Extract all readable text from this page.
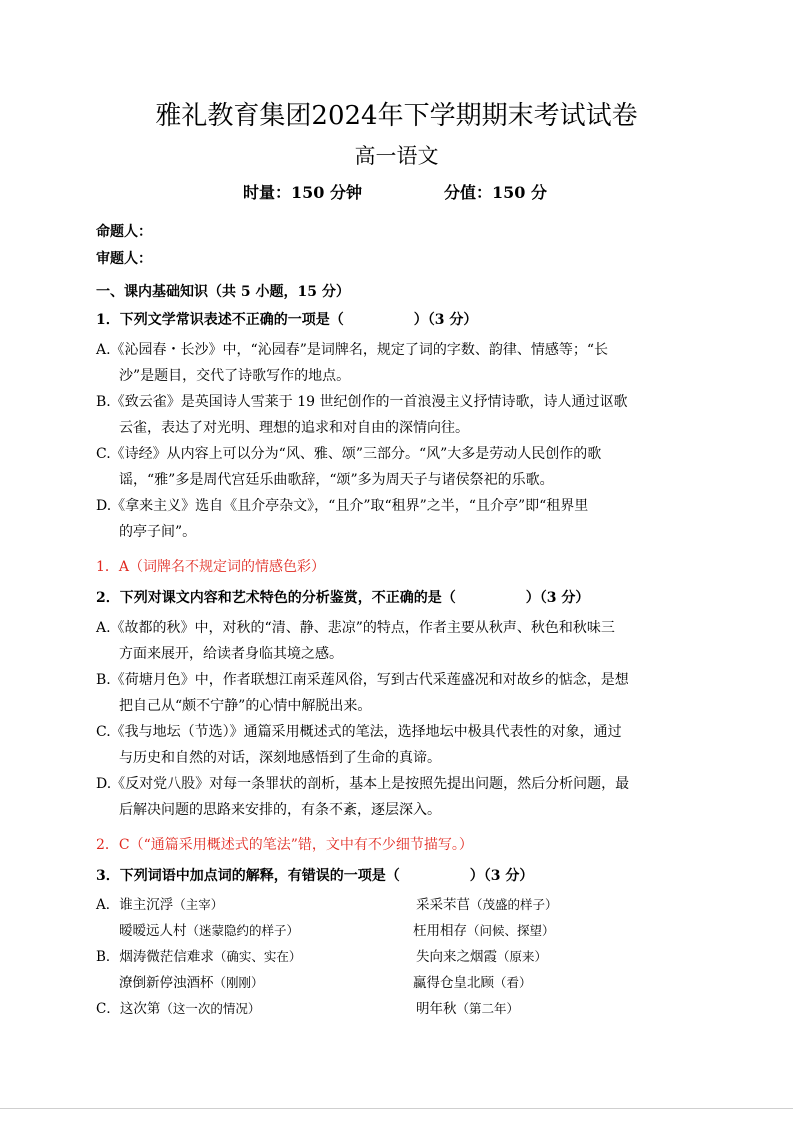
雅礼教育集团2024年下学期期末考试试卷
高一语文
时量：150 分钟	分值：150 分
命题人：
审题人：
一、课内基础知识（共 5 小题，15 分）
1．下列文学常识表述不正确的一项是（　　　　　）（3 分）
A.《沁园春・长沙》中，“沁园春”是词牌名，规定了词的字数、韵律、情感等；“长
沙”是题目，交代了诗歌写作的地点。
B.《致云雀》是英国诗人雪莱于 19 世纪创作的一首浪漫主义抒情诗歌，诗人通过讴歌
云雀，表达了对光明、理想的追求和对自由的深情向往。
C.《诗经》从内容上可以分为“风、雅、颂”三部分。“风”大多是劳动人民创作的歌
谣，“雅”多是周代宫廷乐曲歌辞，“颂”多为周天子与诸侯祭祀的乐歌。
D.《拿来主义》选自《且介亭杂文》，“且介”取“租界”之半，“且介亭”即“租界里
的亭子间”。
1．A（词牌名不规定词的情感色彩）
2．下列对课文内容和艺术特色的分析鉴赏，不正确的是（　　　　　）（3 分）
A.《故都的秋》中，对秋的“清、静、悲凉”的特点，作者主要从秋声、秋色和秋味三
方面来展开，给读者身临其境之感。
B.《荷塘月色》中，作者联想江南采莲风俗，写到古代采莲盛况和对故乡的惦念，是想
把自己从“颇不宁静”的心情中解脱出来。
C.《我与地坛（节选）》通篇采用概述式的笔法，选择地坛中极具代表性的对象，通过
与历史和自然的对话，深刻地感悟到了生命的真谛。
D.《反对党八股》对每一条罪状的剖析，基本上是按照先提出问题，然后分析问题，最
后解决问题的思路来安排的，有条不紊，逐层深入。
2．C（“通篇采用概述式的笔法”错，文中有不少细节描写。）
3．下列词语中加点词的解释，有错误的一项是（　　　　　）（3 分）
A．谁主沉浮（主宰）	采采芣苢（茂盛的样子）
暧暧远人村（迷蒙隐约的样子）	枉用相存（问候、探望）
B．烟涛微茫信难求（确实、实在）	失向来之烟霞（原来）
潦倒新停浊酒杯（刚刚）	赢得仓皇北顾（看）
C．这次第（这一次的情况）	明年秋（第二年）
